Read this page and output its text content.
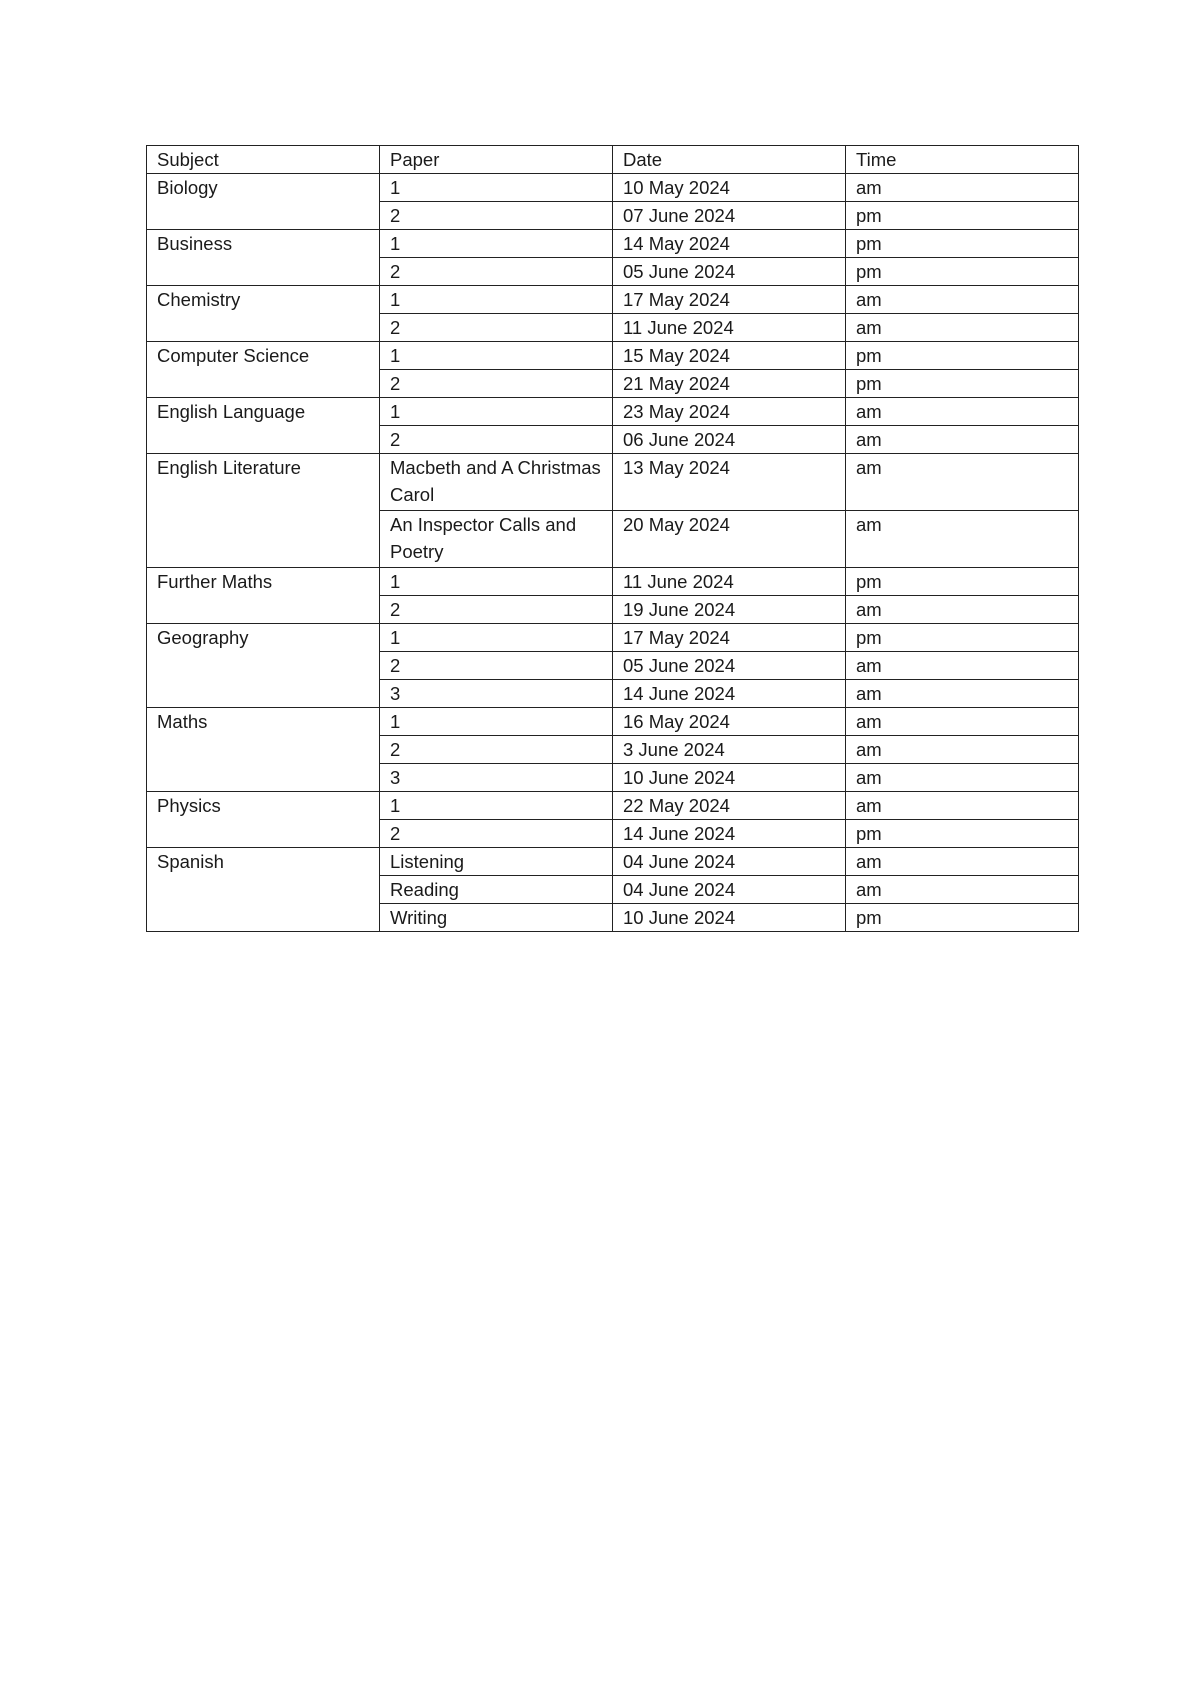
Subject	Paper	Date	Time
Biology	1	10 May 2024	am
	2	07 June 2024	pm
Business	1	14 May 2024	pm
	2	05 June 2024	pm
Chemistry	1	17 May 2024	am
	2	11 June 2024	am
Computer Science	1	15 May 2024	pm
	2	21 May 2024	pm
English Language	1	23 May 2024	am
	2	06 June 2024	am
English Literature	Macbeth and A Christmas Carol	13 May 2024	am
	An Inspector Calls and Poetry	20 May 2024	am
Further Maths	1	11 June 2024	pm
	2	19 June 2024	am
Geography	1	17 May 2024	pm
	2	05 June 2024	am
	3	14 June 2024	am
Maths	1	16 May 2024	am
	2	3 June 2024	am
	3	10 June 2024	am
Physics	1	22 May 2024	am
	2	14 June 2024	pm
Spanish	Listening	04 June 2024	am
	Reading	04 June 2024	am
	Writing	10 June 2024	pm
